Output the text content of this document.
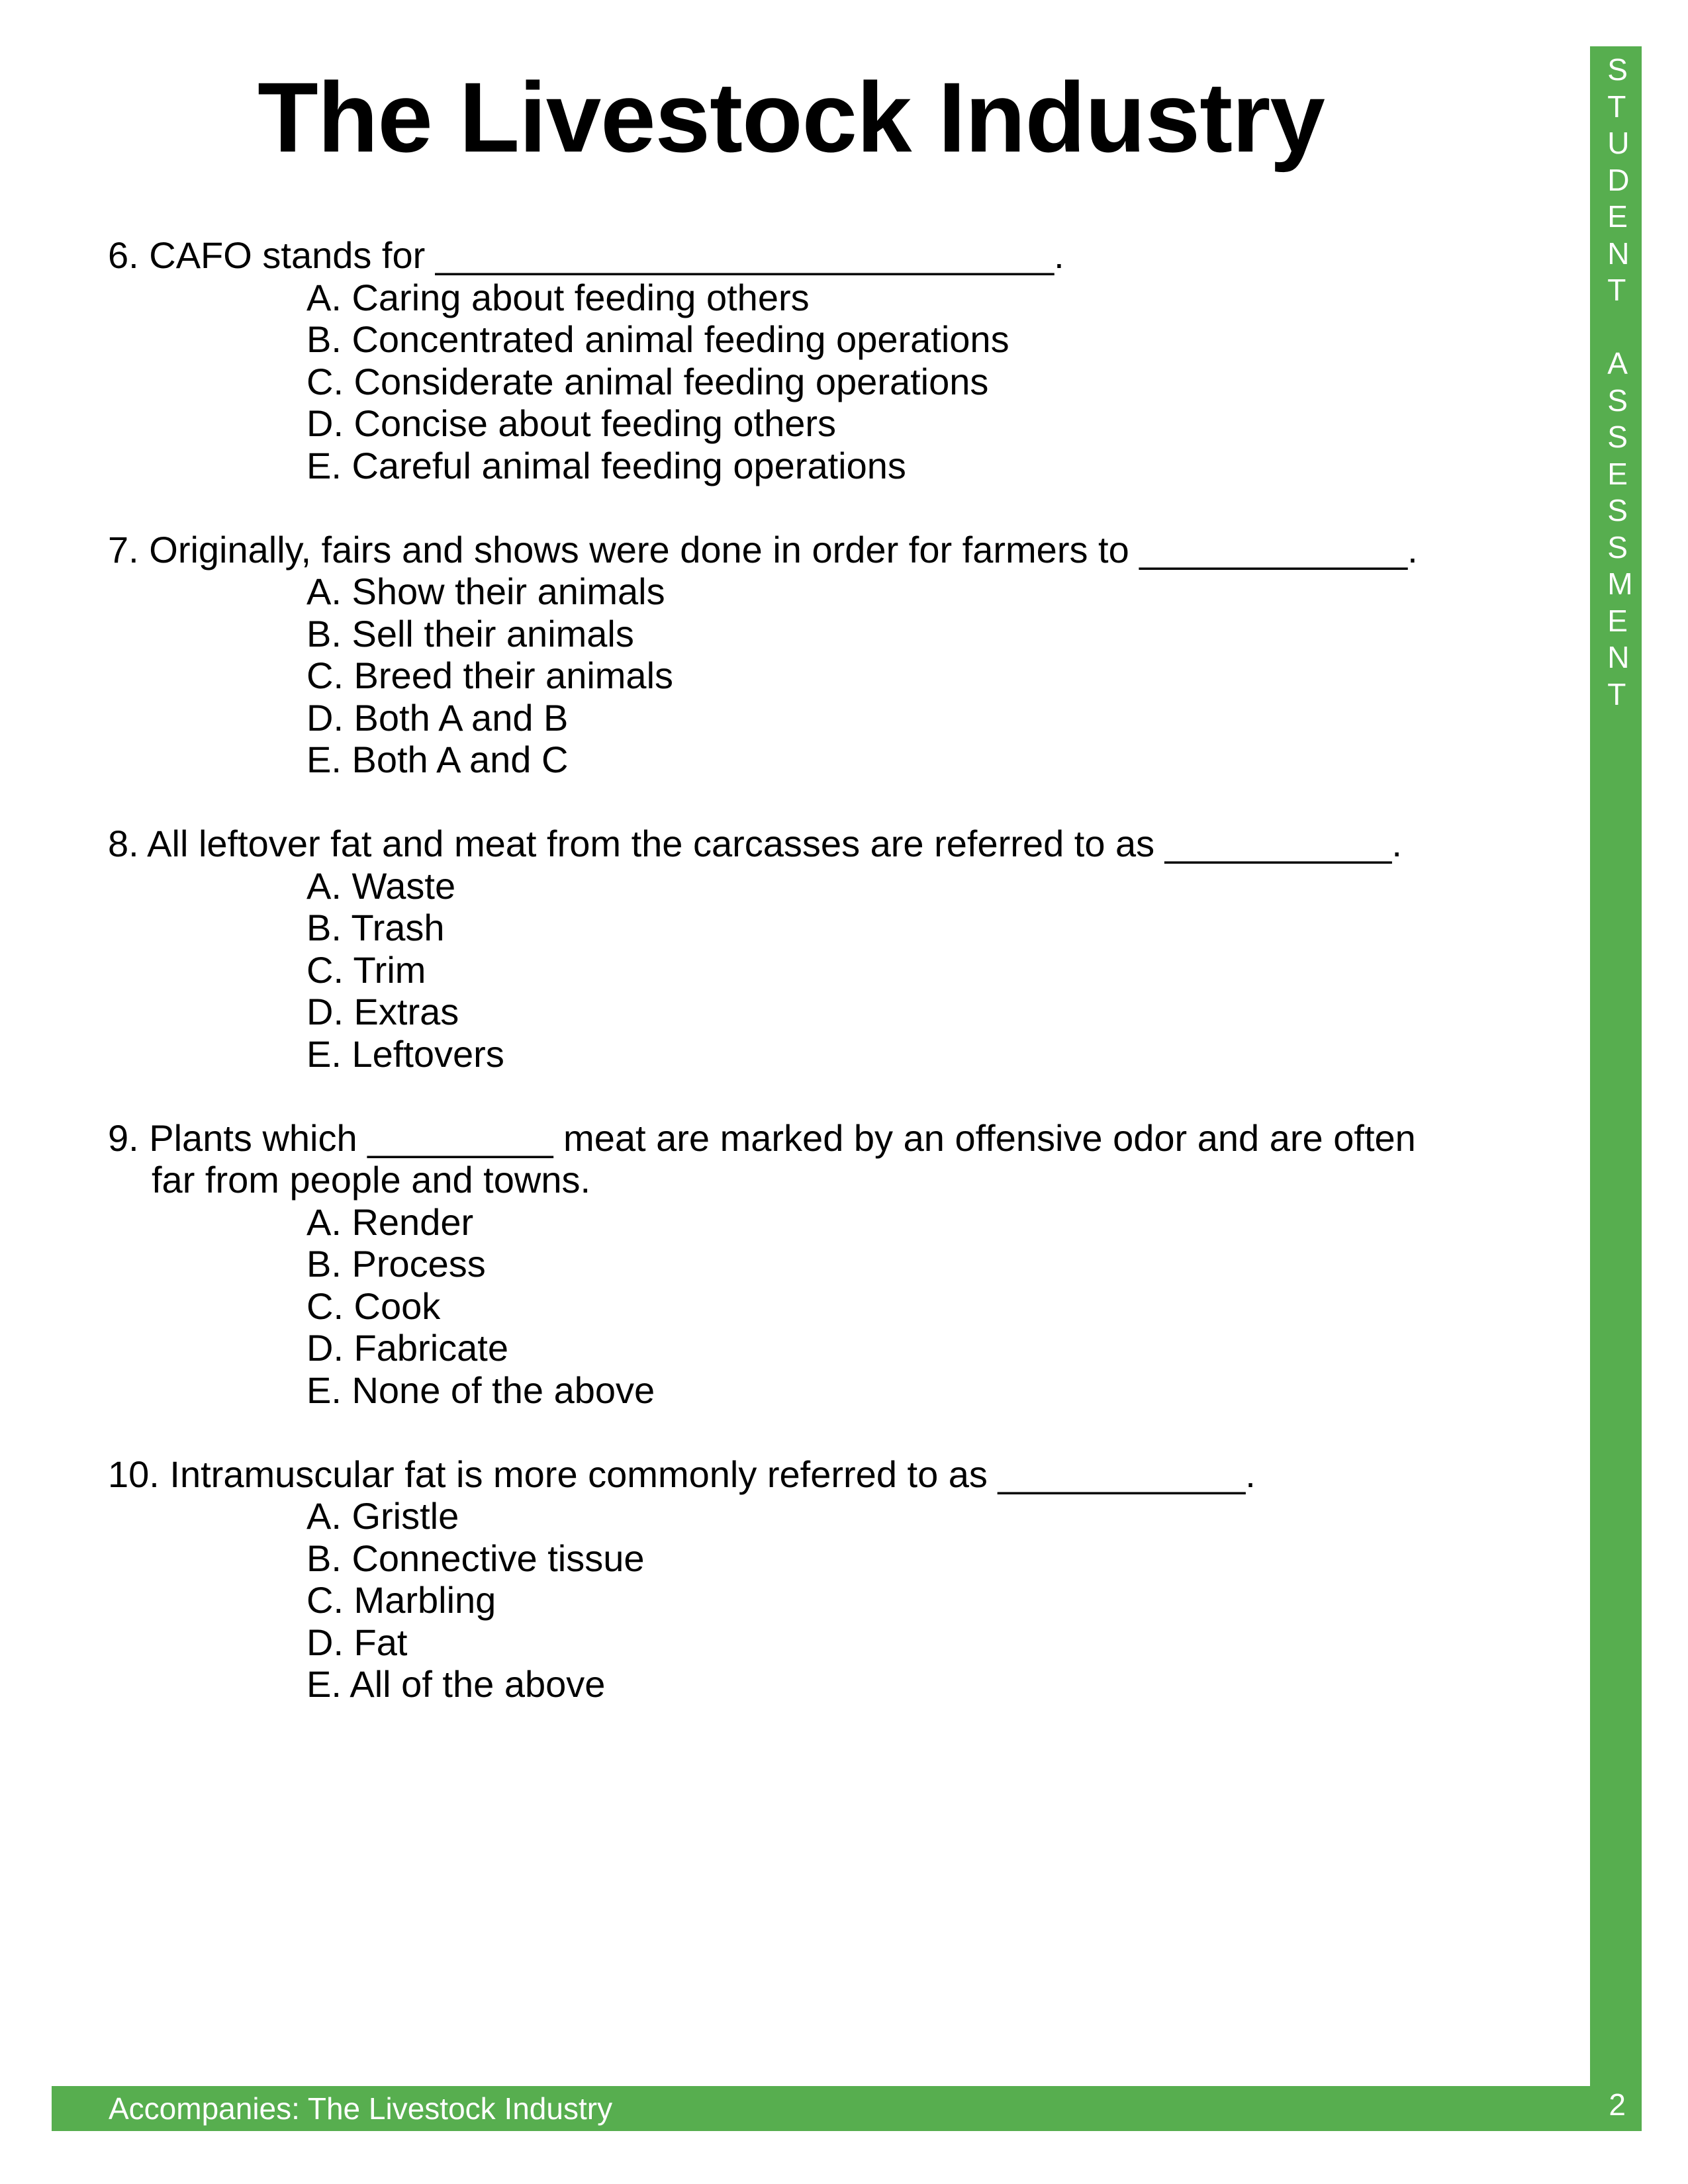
The Livestock Industry	STUDENT
ASSESSMENT

6. CAFO stands for ______________________________.

A. Caring about feeding others
B. Concentrated animal feeding operations
C. Considerate animal feeding operations
D. Concise about feeding others
E. Careful animal feeding operations

7. Originally, fairs and shows were done in order for farmers to _____________.

A. Show their animals
B. Sell their animals
C. Breed their animals
D. Both A and B
E. Both A and C

8. All leftover fat and meat from the carcasses are referred to as ___________.

A. Waste
B. Trash
C. Trim
D. Extras
E. Leftovers

9. Plants which _________ meat are marked by an offensive odor and are often
far from people and towns.

A. Render
B. Process
C. Cook
D. Fabricate
E. None of the above

10. Intramuscular fat is more commonly referred to as ____________.

A. Gristle
B. Connective tissue
C. Marbling
D. Fat
E. All of the above
Accompanies: The Livestock Industry	2
